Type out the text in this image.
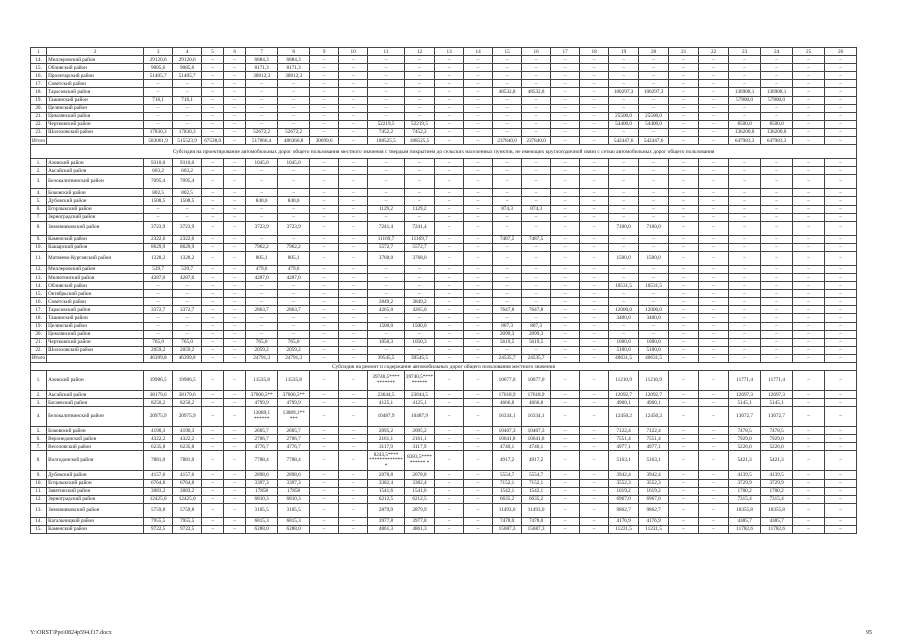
1	2	3	4	5	6	7	8	9	10	11	12	13	14	15	16	17	18	19	20	21	22	23	24	25	26
14.	Миллеровский район	29120,6	29120,6	–	–	6884,3	6884,3	–	–	–	–	–	–	–	–	–	–	–	–	–	–	–	–	–	–
15.	Обливский район	9085,6	9085,6	–	–	8171,3	8171,3	–	–	–	–	–	–	–	–	–	–	–	–	–	–	–	–	–	–
16.	Пролетарский район	51405,7	51405,7	–	–	30812,3	30812,3	–	–	–	–	–	–	–	–	–	–	–	–	–	–	–	–	–	–
17.	Советский район	–	–	–	–	–	–	–	–	–	–	–	–	–	–	–	–	–	–	–	–	–	–	–	–
18.	Тарасовский район	–	–	–	–	–	–	–	–	–	–	–	–	48532,8	48532,8	–	–	100297,3	100297,3	–	–	136908,1	136908,1	–	–
19.	Ташинский район	716,1	716,1	–	–	–	–	–	–	–	–	–	–	–	–	–	–	–	–	–	–	57800,0	57800,0	–	–
20.	Целинский район	–	–	–	–	–	–	–	–	–	–	–	–	–	–	–	–	–	–	–	–	–	–	–	–
21.	Цимлянский район	–	–	–	–	–	–	–	–	–	–	–	–	–	–	–	–	25500,0	25500,0	–	–	–	–	–	–
22.	Чертковский район	–	–	–	–	–	–	–	–	52219,5	52219,5	–	–	–	–	–	–	54400,0	54400,0	–	–	8500,0	8500,0	–	–
23.	Шолоховский район	17830,3	17830,3	–	–	52672,2	52672,2	–	–	7452,2	7452,2	–	–	–	–	–	–	–	–	–	–	136200,0	136200,0	–	–
Итого		583061,9	515523,9	67538,0	–	517066,4	486366,8	30699,6	–	188525,5	188525,5	–	–	237840,0	237840,0	–	–	542447,6	542447,6	–	–	647983,3	647983,3	–	–
Субсидия на проектирование автомобильных дорог общего пользования местного значения с твердым покрытием до сельских населенных пунктов, не имеющих круглогодичной связи с сетью автомобильных дорог общего пользования																									
1.	Азовский район	9310,0	9310,0	–	–	1045,0	1045,0	–	–	–	–	–	–	–	–	–	–	–	–	–	–	–	–	–	–
2.	Аксайский район	603,2	603,2	–	–	–	–	–	–	–	–	–	–	–	–	–	–	–	–	–	–	–	–	–	–
3.	Белокалитвинский район	7095,4	7095,4	–	–	–	–	–	–	–	–	–	–	–	–	–	–	–	–	–	–	–	–	–	–
4.	Боковский район	802,5	802,5	–	–	–	–	–	–	–	–	–	–	–	–	–	–	–	–	–	–	–	–	–	–
5.	Дубовский район	1508,5	1508,5	–	–	840,6	840,6	–	–	–	–	–	–	–	–	–	–	–	–	–	–	–	–	–	–
6.	Егорлыкский район	–	–	–	–	–	–	–	–	1129,2	1129,2	–	–	874,3	874,3	–	–	–	–	–	–	–	–	–	–
7.	Зерноградский район	–	–	–	–	–	–	–	–	–	–	–	–	–	–	–	–	–	–	–	–	–	–	–	–
8.	Зимовниковский район	3723,9	3723,9	–	–	3723,9	3723,9	–	–	7241,4	7241,4	–	–	–	–	–	–	7100,0	7100,0	–	–	–	–	–	–
9.	Каменский район	2322,6	2322,6	–	–	–	–	–	–	11169,7	11169,7	–	–	7487,5	7487,5	–	–	–	–	–	–	–	–	–	–
10.	Кашарский район	8629,9	8629,9	–	–	7962,2	7962,2	–	–	5572,7	5572,7	–	–	–	–	–	–	–	–	–	–	–	–	–	–
11.	Матвеево-Курганский район	1328,2	1328,2	–	–	805,1	805,1	–	–	3768,0	3768,0	–	–	–	–	–	–	1500,0	1500,0	–	–	–	–	–	–
12.	Миллеровский район	539,7	539,7	–	–	479,6	479,6	–	–	–	–	–	–	–	–	–	–	–	–	–	–	–	–	–	–
13.	Милютинский район	4287,0	4287,0	–	–	4287,0	4287,0	–	–	–	–	–	–	–	–	–	–	–	–	–	–	–	–	–	–
14.	Обливский район	–	–	–	–	–	–	–	–	–	–	–	–	–	–	–	–	10531,5	10531,5	–	–	–	–	–	–
15.	Октябрьский район	–	–	–	–	–	–	–	–	–	–	–	–	–	–	–	–	–	–	–	–	–	–	–	–
16.	Советский район	–	–	–	–	–	–	–	–	3849,2	3849,2	–	–	–	–	–	–	–	–	–	–	–	–	–	–
17.	Тарасовский район	3372,7	3372,7	–	–	2863,7	2863,7	–	–	4265,0	4265,0	–	–	7647,8	7647,8	–	–	12000,0	12000,0	–	–	–	–	–	–
18.	Ташинский район	–	–	–	–	–	–	–	–	–	–	–	–	–	–	–	–	3400,0	3400,0	–	–	–	–	–	–
19.	Целинский район	–	–	–	–	–	–	–	–	1500,0	1500,0	–	–	807,3	807,3	–	–	–	–	–	–	–	–	–	–
20.	Цимлянский район	–	–	–	–	–	–	–	–	–	–	–	–	2099,3	2099,3	–	–	–	–	–	–	–	–	–	–
21.	Чертковский район	765,0	765,0	–	–	765,0	765,0	–	–	1050,3	1050,3	–	–	5619,5	5619,5	–	–	1000,0	1000,0	–	–	–	–	–	–
22.	Шолоховский район	2059,2	2059,2	–	–	2059,2	2059,2	–	–	–	–	–	–	–	–	–	–	5100,0	5100,0	–	–	–	–	–	–
Итого		46399,8	46399,8	–	–	24791,3	24791,3	–	–	39545,5	39545,5	–	–	24535,7	24535,7	–	–	40631,5	40631,5	–	–	–	–	–	–
Субсидия на ремонт и содержание автомобильных дорог общего пользования местного значения																									
1.	Азовский район	19986,5	19986,5	–	–	11535,8	11535,8	–	–	39740,5**** *******	39740,5**** ******	–	–	10677,0	10677,0	–	–	11210,9	11210,9	–	–	11771,4	11771,4	–	–
2.	Аксайский район	38179,6	38179,6	–	–	37000,5**	37000,5**	–	–	23644,5	23644,5	–	–	17618,9	17618,9	–	–	12092,7	12092,7	–	–	12697,3	12697,3	–	–
3.	Багаевский район	8250,2	8250,2	–	–	4799,9	4799,9	–	–	4125,1	4125,1	–	–	4666,8	4666,8	–	–	4900,1	4900,1	–	–	5145,1	5145,1	–	–
4.	Белокалитвинский район	20975,9	20975,9	–	–	13089,1 ******	13089,1** ***	–	–	10487,9	10487,9	–	–	16334,1	16334,1	–	–	12450,2	12450,2	–	–	13072,7	13072,7	–	–
5.	Боковский район	4190,3	4190,3	–	–	2605,7	2605,7	–	–	2095,2	2095,2	–	–	10407,3	10407,3	–	–	7122,4	7122,4	–	–	7478,5	7478,5	–	–
6.	Верхнедонской район	4322,2	4322,2	–	–	2706,7	2706,7	–	–	2161,1	2161,1	–	–	10641,8	10641,8	–	–	7551,4	7551,4	–	–	7929,0	7929,0	–	–
7.	Веселовский район	6235,8	6235,8	–	–	4776,7	4776,7	–	–	3117,9	3117,9	–	–	4740,1	4740,1	–	–	4977,1	4977,1	–	–	5226,0	5226,0	–	–
8.	Волгодонской район	7881,0	7881,0	–	–	7788,4	7788,4	–	–	8243,5**** ************* *	8383,5**** ****** *	–	–	4917,2	4917,2	–	–	5163,1	5163,1	–	–	5421,3	5421,3	–	–
9.	Дубовский район	4157,6	4157,6	–	–	2898,6	2898,6	–	–	2078,8	2078,8	–	–	5554,7	5554,7	–	–	3942,4	3942,4	–	–	4139,5	4139,5	–	–
10.	Егорлыкский район	6764,8	6764,8	–	–	3397,3	3397,3	–	–	3382,4	3382,4	–	–	7152,1	7152,1	–	–	3552,3	3552,3	–	–	3729,9	3729,9	–	–
11.	Заветинский район	3083,2	3083,2	–	–	17858	17858	–	–	1541,6	1541,6	–	–	1542,1	1542,1	–	–	1619,2	1619,2	–	–	1700,2	1700,2	–	–
12.	Зерноградский район	12425,0	12425,0	–	–	6810,3	6810,3	–	–	6212,5	6212,5	–	–	6635,2	6635,2	–	–	6967,0	6967,0	–	–	7315,4	7315,4	–	–
13.	Зимовниковский район	5759,8	5759,8	–	–	3105,5	3105,5	–	–	2879,9	2879,9	–	–	11493,0	11493,0	–	–	9862,7	9862,7	–	–	10355,8	10355,8	–	–
14.	Кагальницкий район	7955,5	7955,5	–	–	6815,3	6815,3	–	–	3977,8	3977,8	–	–	7478,0	7478,0	–	–	4176,9	4176,9	–	–	4385,7	4385,7	–	–
15.	Каменский район	9722,5	9722,5	–	–	6288,0	6288,0	–	–	4861,3	4861,3	–	–	15687,3	15687,3	–	–	11221,5	11221,5	–	–	11782,6	11782,6	–	–
Y:\ORST\Ppo\0824p594.f17.docx	95
